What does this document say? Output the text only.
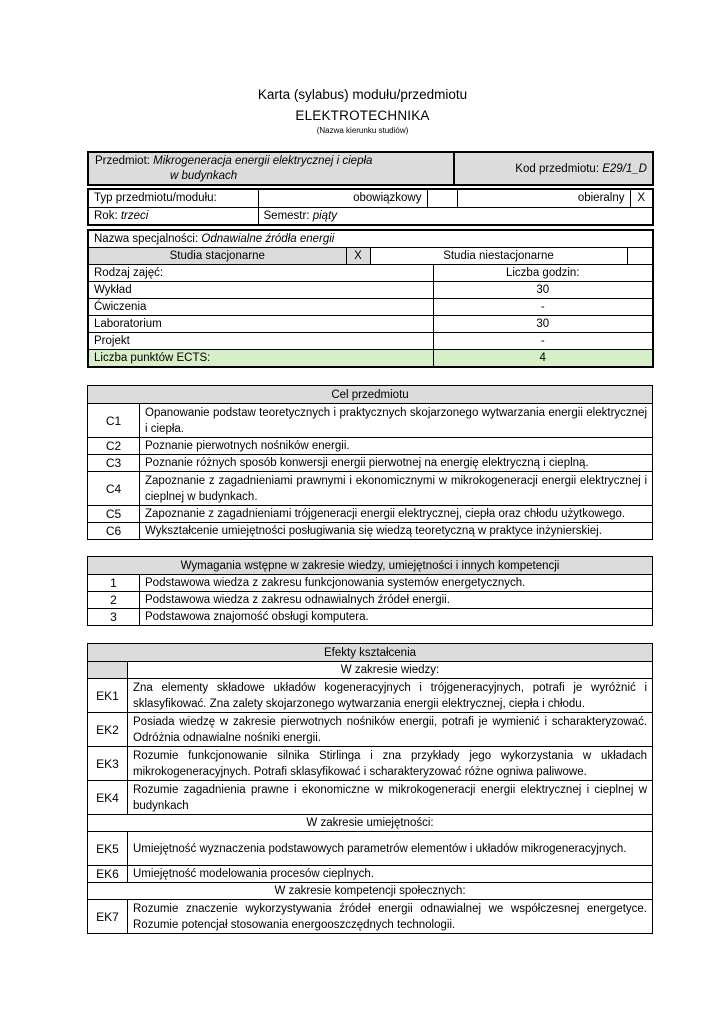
Karta (sylabus) modułu/przedmiotu
ELEKTROTECHNIKA
(Nazwa kierunku studiów)
Przedmiot: Mikrogeneracja energii elektrycznej i ciepła
w budynkach
	Kod przedmiotu: E29/1_D
Typ przedmiotu/modułu:	obowiązkowy		obieralny	X
Rok: trzeci	Semestr: piąty			
Nazwa specjalności: Odnawialne źródła energii				
Studia stacjonarne	X	Studia niestacjonarne		
Rodzaj zajęć:			Liczba godzin:	
Wykład			30	
Ćwiczenia			-	
Laboratorium			30	
Projekt			-	
Liczba punktów ECTS:			4	
Cel przedmiotu	
C1	Opanowanie podstaw teoretycznych i praktycznych skojarzonego wytwarzania energii elektrycznej i ciepła.
C2	Poznanie pierwotnych nośników energii.
C3	Poznanie różnych sposób konwersji energii pierwotnej na energię elektryczną i cieplną.
C4	Zapoznanie z zagadnieniami prawnymi i ekonomicznymi w mikrokogeneracji energii elektrycznej i cieplnej w budynkach.
C5	Zapoznanie z zagadnieniami trójgeneracji energii elektrycznej, ciepła oraz chłodu użytkowego.
C6	Wykształcenie umiejętności posługiwania się wiedzą teoretyczną w praktyce inżynierskiej.
Wymagania wstępne w zakresie wiedzy, umiejętności i innych kompetencji	
1	Podstawowa wiedza z zakresu funkcjonowania systemów energetycznych.
2	Podstawowa wiedza z zakresu odnawialnych źródeł energii.
3	Podstawowa znajomość obsługi komputera.
Efekty kształcenia	
	W zakresie wiedzy:
EK1	Zna elementy składowe układów kogeneracyjnych i trójgeneracyjnych, potrafi je wyróżnić i sklasyfikować. Zna zalety skojarzonego wytwarzania energii elektrycznej, ciepła i chłodu.
EK2	Posiada wiedzę w zakresie pierwotnych nośników energii, potrafi je wymienić i scharakteryzować. Odróżnia odnawialne nośniki energii.
EK3	Rozumie funkcjonowanie silnika Stirlinga i zna przykłady jego wykorzystania w układach mikrokogeneracyjnych. Potrafi sklasyfikować i scharakteryzować różne ogniwa paliwowe.
EK4	Rozumie zagadnienia prawne i ekonomiczne w mikrokogeneracji energii elektrycznej i cieplnej w budynkach
W zakresie umiejętności:	
EK5	Umiejętność wyznaczenia podstawowych parametrów elementów i układów mikrogeneracyjnych.
EK6	Umiejętność modelowania procesów cieplnych.
W zakresie kompetencji społecznych:	
EK7	Rozumie znaczenie wykorzystywania źródeł energii odnawialnej we współczesnej energetyce. Rozumie potencjał stosowania energooszczędnych technologii.
